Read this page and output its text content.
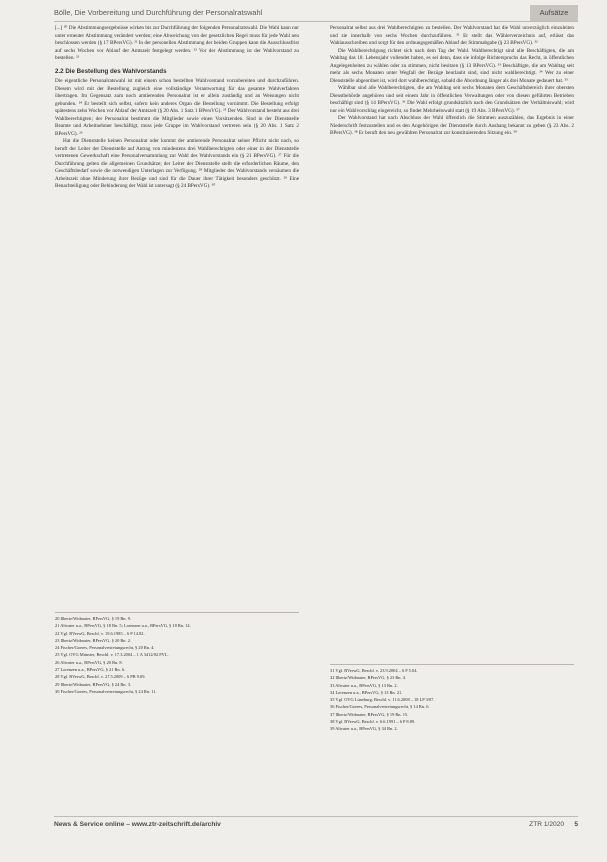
Bölle, Die Vorbereitung und Durchführung der Personalratswahl	Aufsätze

[...] ²⁰ Die Abstimmungsergebnisse wirken bis zur Durchführung der folgenden Personalratswahl. Die Wahl kann nur unter erneuter Abstimmung verändert werden; eine Abweichung von der gesetzlichen Regel muss für jede Wahl neu beschlossen werden (§ 17 BPersVG). ²¹ In der personellen Abstimmung der beiden Gruppen kann die Ausschlussfrist auf sechs Wochen vor Ablauf der Amtszeit festgelegt werden. ²² Vor der Abstimmung ist der Wahlvorstand zu bestellen. ²³

2.2 Die Bestellung des Wahlvorstands

Die eigentliche Personalratswahl ist mit einem schon bestellten Wahlvorstand vorzubereiten und durchzuführen. Diesem wird mit der Bestellung zugleich eine vollständige Verantwortung für das gesamte Wahlverfahren übertragen. Im Gegensatz zum noch amtierenden Personalrat ist er allein zuständig und an Weisungen nicht gebunden. ²⁴ Er bestellt sich selbst, sofern kein anderes Organ die Bestellung vornimmt. Die Bestellung erfolgt spätestens zehn Wochen vor Ablauf der Amtszeit (§ 20 Abs. 1 Satz 1 BPersVG). ²⁵ Der Wahlvorstand besteht aus drei Wahlberechtigten; der Personalrat bestimmt die Mitglieder sowie einen Vorsitzenden. Sind in der Dienststelle Beamte und Arbeitnehmer beschäftigt, muss jede Gruppe im Wahlvorstand vertreten sein (§ 20 Abs. 1 Satz 2 BPersVG). ²⁶

Hat die Dienststelle keinen Personalrat oder kommt der amtierende Personalrat seiner Pflicht nicht nach, so beruft der Leiter der Dienststelle auf Antrag von mindestens drei Wahlberechtigten oder einer in der Dienststelle vertretenen Gewerkschaft eine Personalversammlung zur Wahl des Wahlvorstands ein (§ 21 BPersVG). ²⁷ Für die Durchführung gelten die allgemeinen Grundsätze; der Leiter der Dienststelle stellt die erforderlichen Räume, den Geschäftsbedarf sowie die notwendigen Unterlagen zur Verfügung. ²⁸ Mitglieder des Wahlvorstands versäumen die Arbeitszeit ohne Minderung ihrer Bezüge und sind für die Dauer ihrer Tätigkeit besonders geschützt. ²⁹ Eine Benachteiligung oder Behinderung der Wahl ist untersagt (§ 24 BPersVG). ³⁰

20 Ilbertz/Widmaier, BPersVG, § 19 Rn. 9.

21 Altvater u.a., BPersVG, § 18 Rn. 5; Lorenzen u.a., BPersVG, § 18 Rn. 14.

22 Vgl. BVerwG, Beschl. v. 19.6.1985 – 6 P 14.82.

23 Ilbertz/Widmaier, BPersVG, § 20 Rn. 2.

24 Fischer/Goeres, Personalvertretungsrecht, § 20 Rn. 4.

25 Vgl. OVG Münster, Beschl. v. 17.3.2004 – 1 A 3412/02.PVL.

26 Altvater u.a., BPersVG, § 20 Rn. 8.

27 Lorenzen u.a., BPersVG, § 21 Rn. 6.

28 Vgl. BVerwG, Beschl. v. 27.5.2009 – 6 PB 9.09.

29 Ilbertz/Widmaier, BPersVG, § 24 Rn. 3.

30 Fischer/Goeres, Personalvertretungsrecht, § 24 Rn. 11.

Personalrat selbst aus drei Wahlberechtigten zu bestellen. Der Wahlvorstand hat die Wahl unverzüglich einzuleiten und sie innerhalb von sechs Wochen durchzuführen. ³¹ Er stellt das Wählerverzeichnis auf, erlässt das Wahlausschreiben und sorgt für den ordnungsgemäßen Ablauf der Stimmabgabe (§ 23 BPersVG). ³²

Die Wahlberechtigung richtet sich nach dem Tag der Wahl. Wahlberechtigt sind alle Beschäftigten, die am Wahltag das 18. Lebensjahr vollendet haben, es sei denn, dass sie infolge Richterspruchs das Recht, in öffentlichen Angelegenheiten zu wählen oder zu stimmen, nicht besitzen (§ 13 BPersVG). ³³ Beschäftigte, die am Wahltag seit mehr als sechs Monaten unter Wegfall der Bezüge beurlaubt sind, sind nicht wahlberechtigt. ³⁴ Wer zu einer Dienststelle abgeordnet ist, wird dort wahlberechtigt, sobald die Abordnung länger als drei Monate gedauert hat. ³⁵

Wählbar sind alle Wahlberechtigten, die am Wahltag seit sechs Monaten dem Geschäftsbereich ihrer obersten Dienstbehörde angehören und seit einem Jahr in öffentlichen Verwaltungen oder von diesen geführten Betrieben beschäftigt sind (§ 14 BPersVG). ³⁶ Die Wahl erfolgt grundsätzlich nach den Grundsätzen der Verhältniswahl; wird nur ein Wahlvorschlag eingereicht, so findet Mehrheitswahl statt (§ 19 Abs. 3 BPersVG). ³⁷

Der Wahlvorstand hat nach Abschluss der Wahl öffentlich die Stimmen auszuzählen, das Ergebnis in einer Niederschrift festzustellen und es den Angehörigen der Dienststelle durch Aushang bekannt zu geben (§ 23 Abs. 2 BPersVG). ³⁸ Er beruft den neu gewählten Personalrat zur konstituierenden Sitzung ein. ³⁹

31 Vgl. BVerwG, Beschl. v. 23.9.2004 – 6 P 5.04.

32 Ilbertz/Widmaier, BPersVG, § 23 Rn. 4.

33 Altvater u.a., BPersVG, § 13 Rn. 2.

34 Lorenzen u.a., BPersVG, § 13 Rn. 21.

35 Vgl. OVG Lüneburg, Beschl. v. 11.6.2008 – 18 LP 3/07.

36 Fischer/Goeres, Personalvertretungsrecht, § 14 Rn. 6.

37 Ilbertz/Widmaier, BPersVG, § 19 Rn. 15.

38 Vgl. BVerwG, Beschl. v. 6.6.1991 – 6 P 8.89.

39 Altvater u.a., BPersVG, § 34 Rn. 2.

News & Service online – www.ztr-zeitschrift.de/archiv	ZTR 1/2020 5
